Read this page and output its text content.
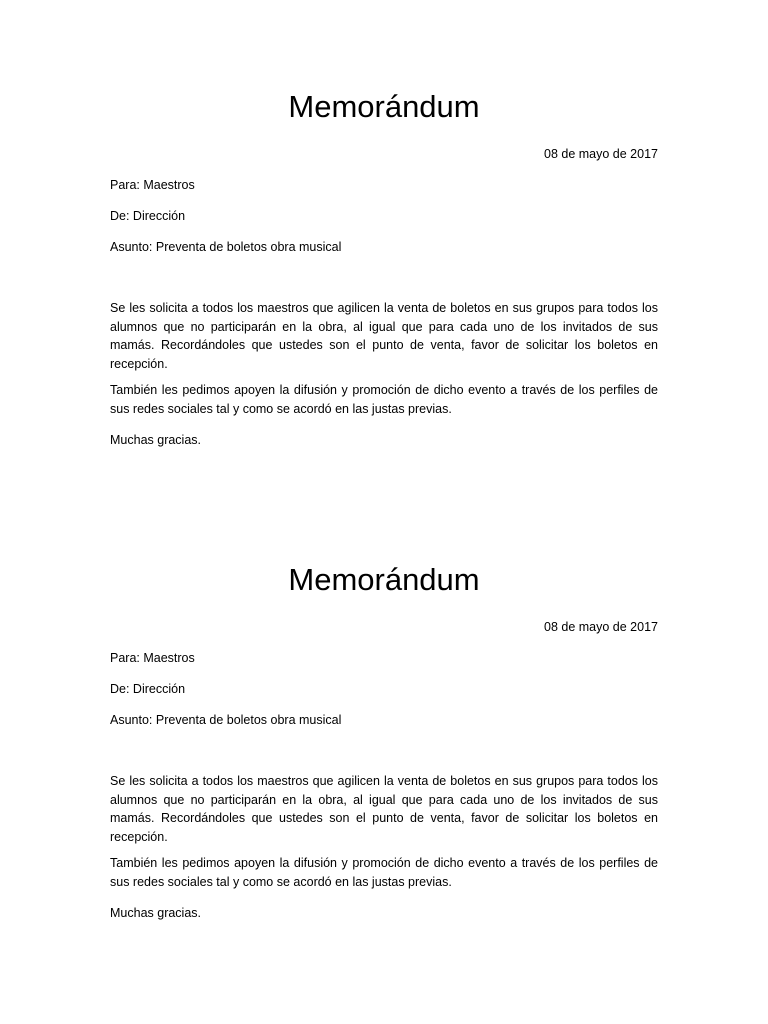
Memorándum
08 de mayo de 2017
Para: Maestros
De: Dirección
Asunto: Preventa de boletos obra musical
Se les solicita a todos los maestros que agilicen la venta de boletos en sus grupos para todos los alumnos que no participarán en la obra, al igual que para cada uno de los invitados de sus mamás. Recordándoles que ustedes son el punto de venta, favor de solicitar los boletos en recepción.
También les pedimos apoyen la difusión y promoción de dicho evento a través de los perfiles de sus redes sociales tal y como se acordó en las justas previas.
Muchas gracias.
Memorándum
08 de mayo de 2017
Para: Maestros
De: Dirección
Asunto: Preventa de boletos obra musical
Se les solicita a todos los maestros que agilicen la venta de boletos en sus grupos para todos los alumnos que no participarán en la obra, al igual que para cada uno de los invitados de sus mamás. Recordándoles que ustedes son el punto de venta, favor de solicitar los boletos en recepción.
También les pedimos apoyen la difusión y promoción de dicho evento a través de los perfiles de sus redes sociales tal y como se acordó en las justas previas.
Muchas gracias.
